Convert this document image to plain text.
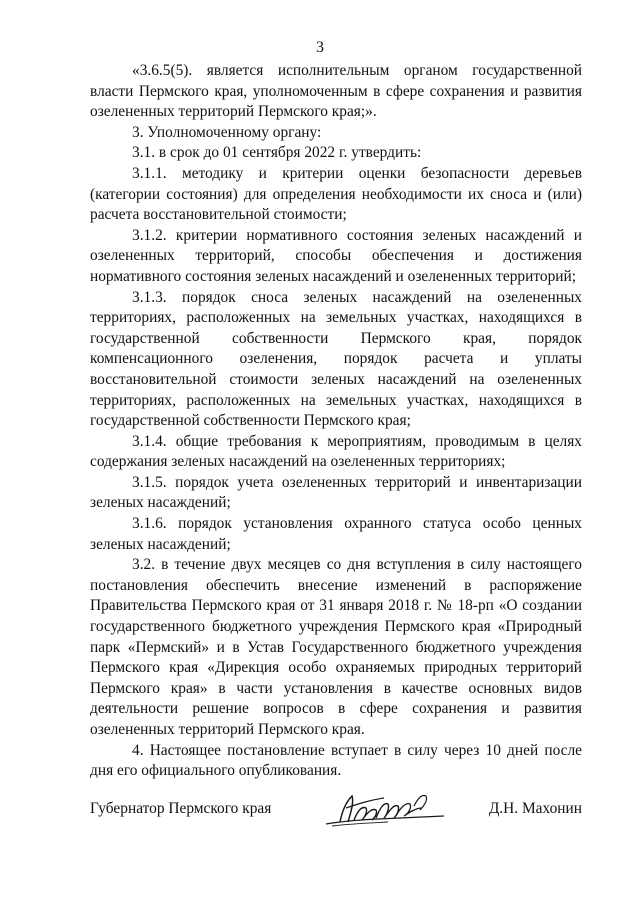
3

«3.6.5(5). является исполнительным органом государственной власти Пермского края, уполномоченным в сфере сохранения и развития озелененных территорий Пермского края;».

3. Уполномоченному органу:

3.1. в срок до 01 сентября 2022 г. утвердить:

3.1.1. методику и критерии оценки безопасности деревьев (категории состояния) для определения необходимости их сноса и (или) расчета восстановительной стоимости;

3.1.2. критерии нормативного состояния зеленых насаждений и озелененных территорий, способы обеспечения и достижения нормативного состояния зеленых насаждений и озелененных территорий;

3.1.3. порядок сноса зеленых насаждений на озелененных территориях, расположенных на земельных участках, находящихся в государственной собственности Пермского края, порядок компенсационного озеленения, порядок расчета и уплаты восстановительной стоимости зеленых насаждений на озелененных территориях, расположенных на земельных участках, находящихся в государственной собственности Пермского края;

3.1.4. общие требования к мероприятиям, проводимым в целях содержания зеленых насаждений на озелененных территориях;

3.1.5. порядок учета озелененных территорий и инвентаризации зеленых насаждений;

3.1.6. порядок установления охранного статуса особо ценных зеленых насаждений;

3.2. в течение двух месяцев со дня вступления в силу настоящего постановления обеспечить внесение изменений в распоряжение Правительства Пермского края от 31 января 2018 г. № 18-рп «О создании государственного бюджетного учреждения Пермского края «Природный парк «Пермский» и в Устав Государственного бюджетного учреждения Пермского края «Дирекция особо охраняемых природных территорий Пермского края» в части установления в качестве основных видов деятельности решение вопросов в сфере сохранения и развития озелененных территорий Пермского края.

4. Настоящее постановление вступает в силу через 10 дней после дня его официального опубликования.

Губернатор Пермского края	Д.Н. Махонин
